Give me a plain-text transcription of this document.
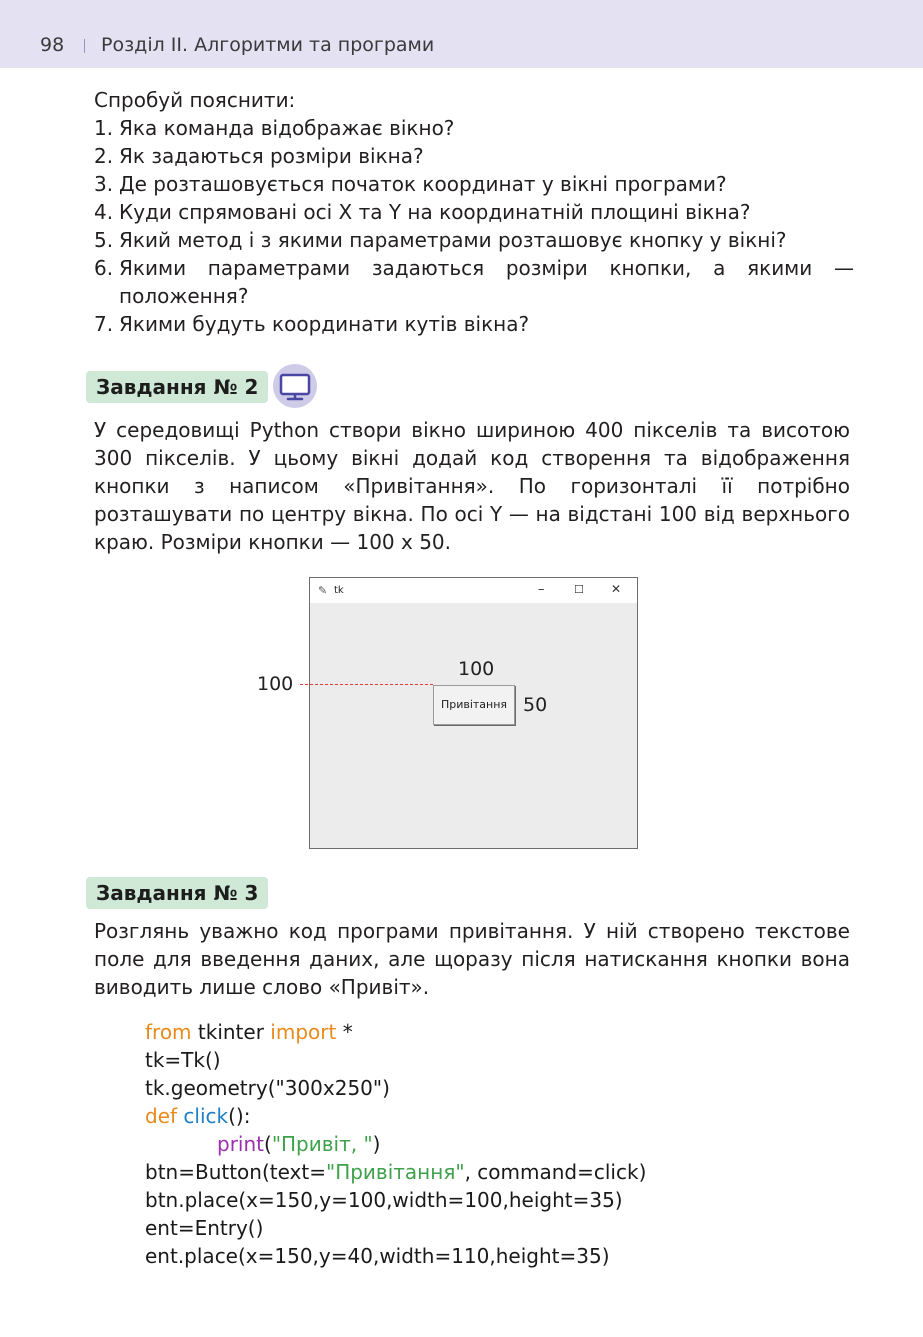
98 Розділ II. Алгоритми та програми
Спробуй пояснити:
1. Яка команда відображає вікно?
2. Як задаються розміри вікна?
3. Де розташовується початок координат у вікні програми?
4. Куди спрямовані осі X та Y на координатній площині вікна?
5. Який метод і з якими параметрами розташовує кнопку у вікні?
6. Якими параметрами задаються розміри кнопки, а якими — положення?
7. Якими будуть координати кутів вікна?
Завдання № 2
У середовищі Python створи вікно шириною 400 пікселів та висотою 300 пікселів. У цьому вікні додай код створення та відображення кнопки з написом «Привітання». По горизонталі її потрібно розташувати по центру вікна. По осі Y — на відстані 100 від верхнього краю. Розміри кнопки — 100 х 50.
✎ tk	–	☐ ✕
100
100
Привітання 50
Завдання № 3
Розглянь уважно код програми привітання. У ній створено текстове поле для введення даних, але щоразу після натискання кнопки вона виводить лише слово «Привіт».
from tkinter import *
tk=Tk()
tk.geometry("300x250")
def click():
print("Привіт, ")
btn=Button(text="Привітання", command=click)
btn.place(x=150,y=100,width=100,height=35)
ent=Entry()
ent.place(x=150,y=40,width=110,height=35)
